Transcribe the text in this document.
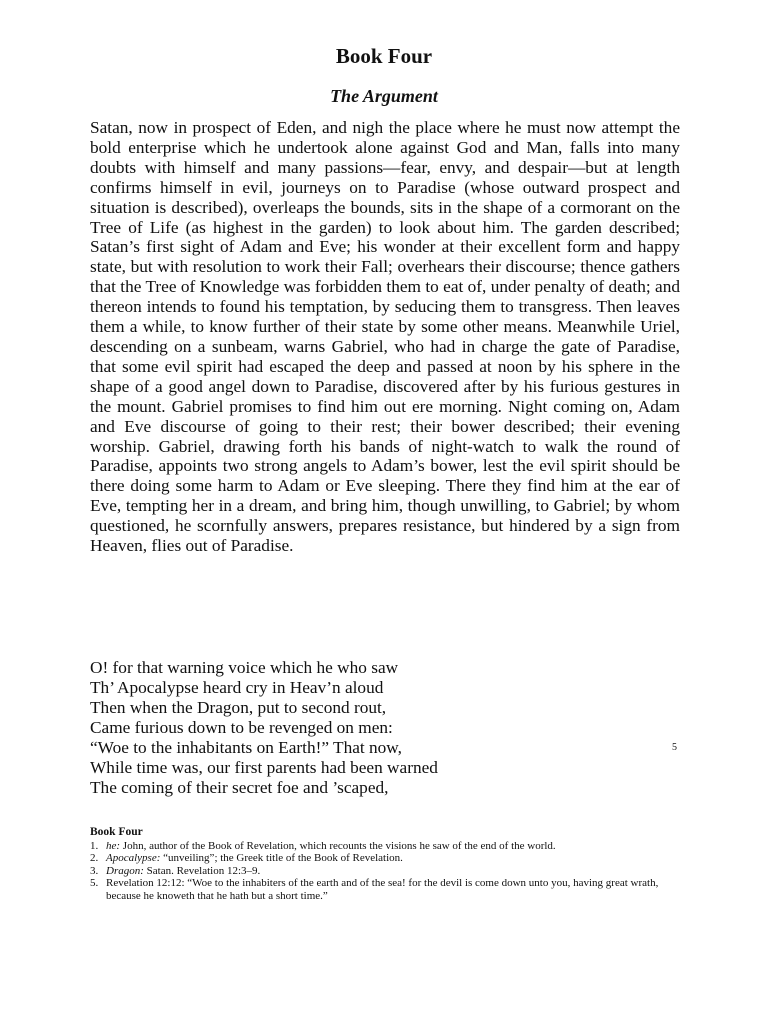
Book Four
The Argument

Satan, now in prospect of Eden, and nigh the place where he must now attempt the bold enterprise which he undertook alone against God and Man, falls into many doubts with himself and many passions—fear, envy, and despair—but at length confirms himself in evil, journeys on to Paradise (whose outward prospect and situation is described), overleaps the bounds, sits in the shape of a cormorant on the Tree of Life (as highest in the garden) to look about him. The garden described; Satan’s first sight of Adam and Eve; his wonder at their excellent form and happy state, but with resolution to work their Fall; overhears their discourse; thence gathers that the Tree of Knowledge was forbidden them to eat of, under penalty of death; and thereon intends to found his temptation, by seducing them to transgress. Then leaves them a while, to know further of their state by some other means. Meanwhile Uriel, descending on a sunbeam, warns Gabriel, who had in charge the gate of Paradise, that some evil spirit had escaped the deep and passed at noon by his sphere in the shape of a good angel down to Paradise, discovered after by his furious gestures in the mount. Gabriel promises to find him out ere morning. Night coming on, Adam and Eve discourse of going to their rest; their bower described; their evening worship. Gabriel, drawing forth his bands of night-watch to walk the round of Paradise, appoints two strong angels to Adam’s bower, lest the evil spirit should be there doing some harm to Adam or Eve sleeping. There they find him at the ear of Eve, tempting her in a dream, and bring him, though unwilling, to Gabriel; by whom questioned, he scornfully answers, prepares resistance, but hindered by a sign from Heaven, flies out of Paradise.

O! for that warning voice which he who saw
Th’ Apocalypse heard cry in Heav’n aloud
Then when the Dragon, put to second rout,
Came furious down to be revenged on men:
“Woe to the inhabitants on Earth!” That now,	5
While time was, our first parents had been warned
The coming of their secret foe and ’scaped,
Book Four

1. he: John, author of the Book of Revelation, which recounts the visions he saw of the end of the world.

2. Apocalypse: “unveiling”; the Greek title of the Book of Revelation.

3. Dragon: Satan. Revelation 12:3–9.

5. Revelation 12:12: “Woe to the inhabiters of the earth and of the sea! for the devil is come down unto you, having great wrath, because he knoweth that he hath but a short time.”
